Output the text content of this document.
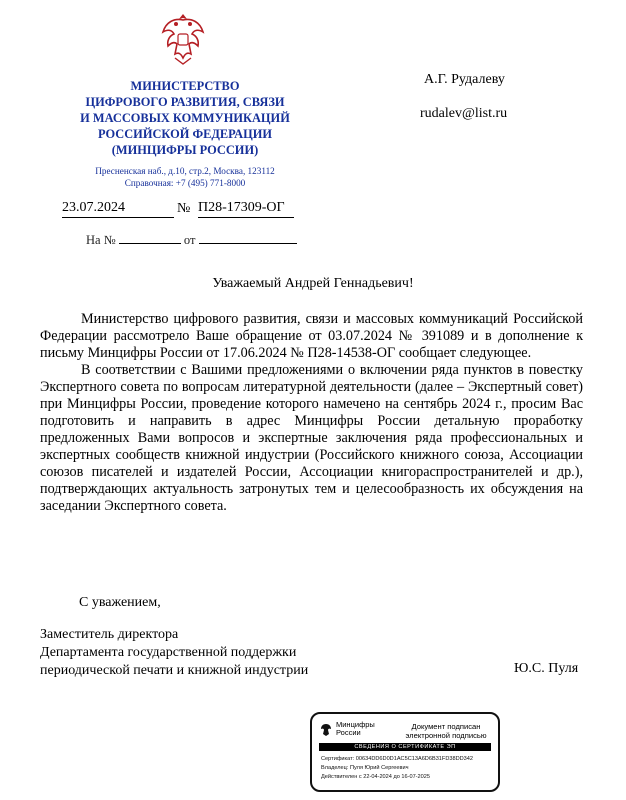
МИНИСТЕРСТВО
ЦИФРОВОГО РАЗВИТИЯ, СВЯЗИ
И МАССОВЫХ КОММУНИКАЦИЙ
РОССИЙСКОЙ ФЕДЕРАЦИИ
(МИНЦИФРЫ РОССИИ)
Пресненская наб., д.10, стр.2, Москва, 123112
Справочная: +7 (495) 771-8000
А.Г. Рудалеву
rudalev@list.ru
23.07.2024	№ П28-17309-ОГ
На №	от
Уважаемый Андрей Геннадьевич!

Министерство цифрового развития, связи и массовых коммуникаций Российской Федерации рассмотрело Ваше обращение от 03.07.2024 № 391089 и в дополнение к письму Минцифры России от 17.06.2024 № П28-14538-ОГ сообщает следующее.

В соответствии с Вашими предложениями о включении ряда пунктов в повестку Экспертного совета по вопросам литературной деятельности (далее – Экспертный совет) при Минцифры России, проведение которого намечено на сентябрь 2024 г., просим Вас подготовить и направить в адрес Минцифры России детальную проработку предложенных Вами вопросов и экспертные заключения ряда профессиональных и экспертных сообществ книжной индустрии (Российского книжного союза, Ассоциации союзов писателей и издателей России, Ассоциации книгораспространителей и др.), подтверждающих актуальность затронутых тем и целесообразность их обсуждения на заседании Экспертного совета.

С уважением,
Заместитель директора
Департамента государственной поддержки
периодической печати и книжной индустрии	Ю.С. Пуля
Минцифры
России
Документ подписан
электронной подписью
СВЕДЕНИЯ О СЕРТИФИКАТЕ ЭП
Сертификат: 00634DD6D0D1AC5C13A6D6B31FD38DD342
Владелец: Пуля Юрий Сергеевич
Действителен с 22-04-2024 до 16-07-2025
